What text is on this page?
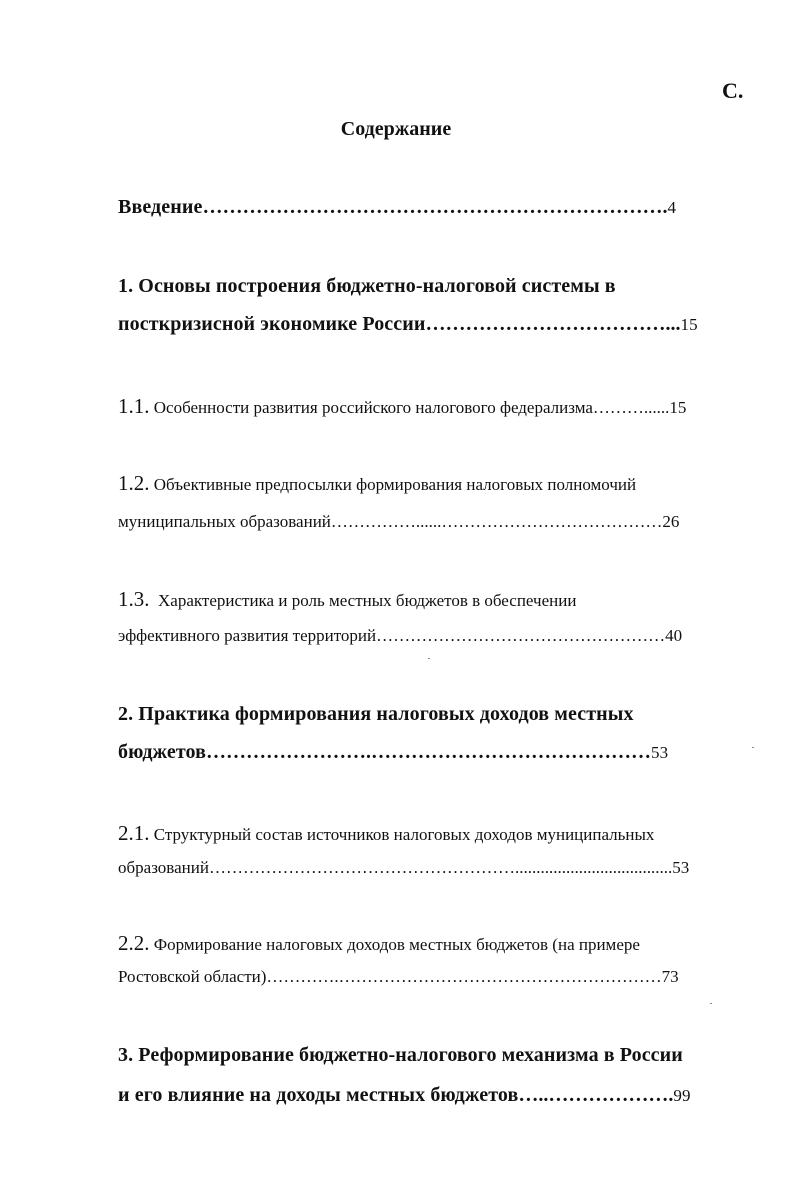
С.
Содержание
Введение…………………………………………………………….4
1. Основы построения бюджетно-налоговой системы в
посткризисной экономике России………………………………...15
1.1. Особенности развития российского налогового федерализма………......15
1.2. Объективные предпосылки формирования налоговых полномочий
муниципальных образований……………......…………………………………26
1.3. Характеристика и роль местных бюджетов в обеспечении
эффективного развития территорий……………………………………………40
2. Практика формирования налоговых доходов местных
бюджетов…………………….……………………………………53
2.1. Структурный состав источников налоговых доходов муниципальных
образований……………………………………………….....................................53
2.2. Формирование налоговых доходов местных бюджетов (на примере
Ростовской области)………….…………………………………………………73
3. Реформирование бюджетно-налогового механизма в России
и его влияние на доходы местных бюджетов…..……………….99
